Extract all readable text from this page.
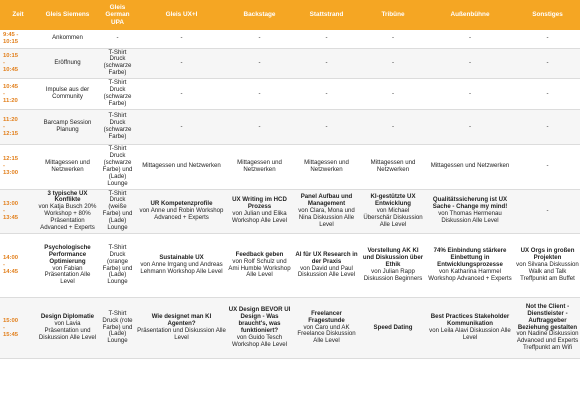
Zeit	Gleis Siemens	Gleis German UPA	Gleis UX+I	Backstage	Stattstrand	Tribüne	Außenbühne	Sonstiges

9:45 -
10:15	Ankommen	-	-	-	-	-	-	-

10:15
-
10:45	Eröffnung	T-Shirt Druck (schwarze Farbe)	-	-	-	-	-	-

10:45
-
11:20	Impulse aus der Community	T-Shirt Druck (schwarze Farbe)	-	-	-	-	-	-

11:20
-
12:15	Barcamp Session Planung	T-Shirt Druck (schwarze Farbe)	-	-	-	-	-	-

12:15
-
13:00	Mittagessen und Netzwerken	T-Shirt Druck (schwarze Farbe) und (Lade) Lounge	Mittagessen und Netzwerken	Mittagessen und Netzwerken	Mittagessen und Netzwerken	Mittagessen und Netzwerken	Mittagessen und Netzwerken	-

13:00
-
13:45	3 typische UX Konflikte
von Katja Busch 20% Workshop + 80% Präsentation Advanced + Experts	T-Shirt Druck (weiße Farbe) und (Lade) Lounge	UR Kompetenzprofile
von Anne und Robin Workshop Advanced + Experts	UX Writing im HCD Prozess
von Julian und Elika Workshop Alle Level	Panel Aufbau und Management
von Clara, Mona und Nina Diskussion Alle Level	KI-gestützte UX Entwicklung
von Michael Überschär Diskussion Alle Level	Qualitätssicherung ist UX Sache - Change my mind!
von Thomas Hermenau Diskussion Alle Level	-

14:00
-
14:45	Psychologische Performance Optimierung
von Fabian Präsentation Alle Level	T-Shirt Druck (orange Farbe) und (Lade) Lounge	Sustainable UX
von Anne Irrgang und Andreas Lehmann Workshop Alle Level	Feedback geben
von Rolf Schulz und Ami Humble Workshop Alle Level	AI für UX Research in der Praxis
von David und Paul Diskussion Alle Level	Vorstellung AK KI und Diskussion über Ethik
von Julian Rapp Diskussion Beginners	74% Einbindung stärkere Einbettung in Entwicklungsprozesse
von Katharina Hammel Workshop Advanced + Experts	UX Orgs in großen Projekten
von Silvana Diskussion Walk and Talk Treffpunkt am Buffet

15:00
-
15:45	Design Diplomatie
von Lavia Präsentation und Diskussion Alle Level	T-Shirt Druck (rote Farbe) und (Lade) Lounge	Wie designet man KI Agenten?
Präsentation und Diskussion Alle Level	UX Design BEVOR UI Design - Was braucht's, was funktioniert?
von Guido Tesch Workshop Alle Level	Freelancer Fragestunde
von Caro und AK Freelance Diskussion Alle Level	Speed Dating	Best Practices Stakeholder Kommunikation
von Leila Alavi Diskussion Alle Level	Not the Client - Dienstleister - Auftraggeber Beziehung gestalten
von Nadine Diskussion Advanced und Experts Treffpunkt am Wifi
